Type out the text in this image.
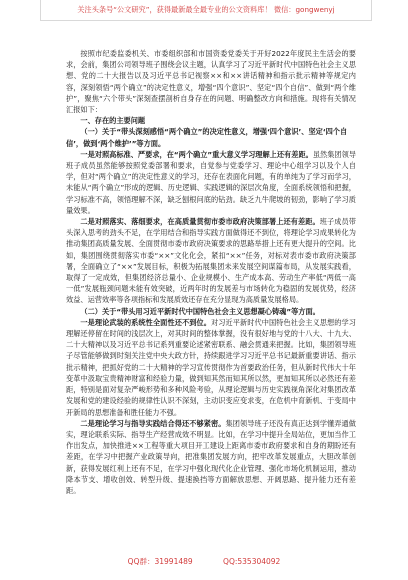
关注头条号“公文研究”，获得最新最全最专业的公文资料库！ 微信：gongwenyj

按照市纪委监委机关、市委组织部和市国资委党委关于开好2022年度民主生活会的要求，会前，集团公司领导班子围绕会议主题，认真学习了习近平新时代中国特色社会主义思想、党的二十大报告以及习近平总书记视察××和××讲话精神和指示批示精神等规定内容，深刻领悟“两个确立”的决定性意义，增强“四个意识”、坚定“四个自信”、做到“两个维护”，聚焦“六个带头”深刻查摆剖析自身存在的问题、明确整改方向和措施。现将有关情况汇报如下：

一、存在的主要问题

（一）关于“带头深刻感悟“两个确立”的决定性意义，增强‘四个意识’、坚定‘四个自信’，做到‘两个维护’”等方面。

一是对照高标准、严要求，在“两个确立”重大意义学习理解上还有差距。虽然集团领导班子成员虽然能够按照党委部署和要求，自觉参与党委学习、理论中心组学习以及个人自学，但对“两个确立”的决定性意义的学习，还存在表面化问题，有的单纯为了学习而学习，未能从“两个确立”形成的逻辑、历史逻辑、实践逻辑的深层次角度，全面系统领悟和把握，学习标准不高，领悟理解不深，缺乏刨根问底的钻劲。缺乏九牛爬坡的韧劲，影响了学习质量效果。

二是对照落实、落细要求，在高质量贯彻市委市政府决策部署上还有差距。班子成员带头深入思考的劲头不足，在学用结合和指导实践方面做得还不到位，将理论学习成果转化为推动集团高质量发展、全面贯彻市委市政府决策要求的思路举措上还有更大提升的空间。比如，集团围绕贯彻落实市委“××”文化化会，紧扣“××”任务，对标对表市委市政府决策部署，全面确立了“××”发展目标，积极为拓展集团未来发展空间谋篇布局，从发展实践看，取得了一定成效，但集团经济总量小、企业规模小、生产成本高、劳动生产率低“两低一高一低”发展瓶颈问题未能有效突破，近两年时的发展差与市场转化为稳固的发展优势，经济效益、运营效率等各项指标和发展质效还存在充分显现为高质量发展格局。

（二）关于“带头用习近平新时代中国特色社会主义思想凝心铸魂”等方面。

一是理论武装的系统性全面性还不到位。对习近平新时代中国特色社会主义思想的学习理解还停留在时间的浅层次上，对其时间的整体掌握，没有很好地与党的十八大、十九大、二十大精神以及习近平总书记系列重要论述紧密联系、融会贯通来把握。比如，集团领导班子尽管能够做到时刻关注党中央大政方针，持续跟进学习习近平总书记最新重要讲话、指示批示精神，把抓好党的二十大精神的学习宣传贯彻作为首要政治任务，但从新时代伟大十年变革中汲取宝贵精神财富和经验力量，做到知其然而知其所以然，更加知其所以必然还有差距，特别是面对复杂严峻形势和多种风险考验，从理论逻辑与历史实践视角深化对集团改革发展和党的建设经验的规律性认识不深刻，主动识变应变求变，在危机中育新机、于变局中开新局的思想准备和胜任能力不强。

二是理论学习与指导实践结合得还不够紧密。集团领导班子还没有真正达到学懂弄通做实，理论联系实际、指导生产经营成效不明显。比如，在学习中提升全局站位，更加当作工作出发点，加快推进××工程等重大项目开工建设上距离市委市政府要求和自身的期盼还有差距，在学习中把握产业政策导向，把准集团发展方向，把牢改革发展重点，大胆改革创新，获得发展红利上还有不足，在学习中强化现代化企业管理、强化市场化机制运用，推动降本节支、增收创效、转型升级、提速换挡等方面解放思想、开阔思路、提升能力还有差距。

QQ群：31991489	QQ:535304092
